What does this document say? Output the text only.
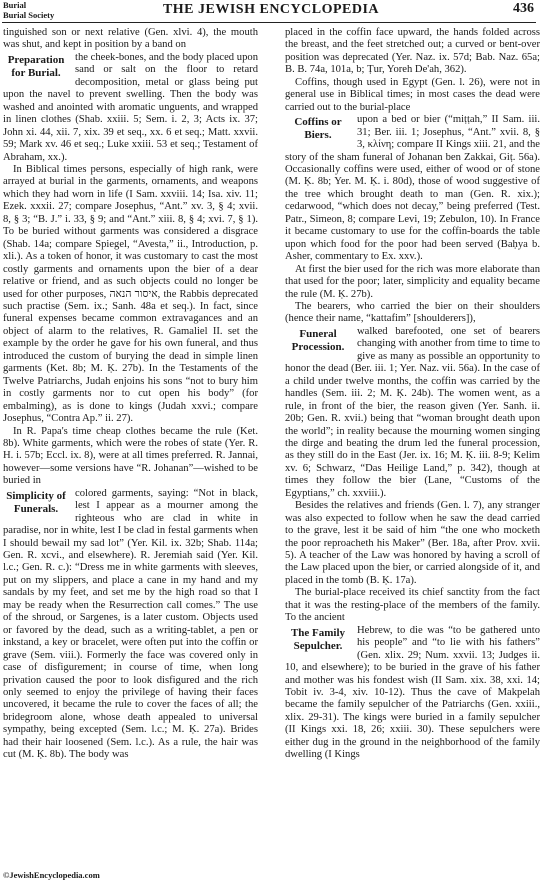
Burial
Burial Society	THE JEWISH ENCYCLOPEDIA	436

tinguished son or next relative (Gen. xlvi. 4), the mouth was shut, and kept in position by a band on

Preparation for Burial.

the cheek-bones, and the body placed upon sand or salt on the floor to retard decomposition, metal or glass being put upon the navel to prevent swelling. Then the body was washed and anointed with aromatic unguents, and wrapped in linen clothes (Shab. xxiii. 5; Sem. i. 2, 3; Acts ix. 37; John xi. 44, xii. 7, xix. 39 et seq., xx. 6 et seq.; Matt. xxvii. 59; Mark xv. 46 et seq.; Luke xxiii. 53 et seq.; Testament of Abraham, xx.).

In Biblical times persons, especially of high rank, were arrayed at burial in the garments, ornaments, and weapons which they had worn in life (I Sam. xxviii. 14; Isa. xiv. 11; Ezek. xxxii. 27; compare Josephus, “Ant.” xv. 3, § 4; xvii. 8, § 3; “B. J.” i. 33, § 9; and “Ant.” xiii. 8, § 4; xvi. 7, § 1). To be buried without garments was considered a disgrace (Shab. 14a; compare Spiegel, “Avesta,” ii., Introduction, p. xli.). As a token of honor, it was customary to cast the most costly garments and ornaments upon the bier of a dear relative or friend, and as such objects could no longer be used for other purposes, איסור הנאה, the Rabbis deprecated such practise (Sem. ix.; Sanh. 48a et seq.). In fact, since funeral expenses became common extravagances and an object of alarm to the relatives, R. Gamaliel II. set the example by the order he gave for his own funeral, and thus introduced the custom of burying the dead in simple linen garments (Ket. 8b; M. Ḳ. 27b). In the Testaments of the Twelve Patriarchs, Judah enjoins his sons “not to bury him in costly garments nor to cut open his body” (for embalming), as is done to kings (Judah xxvi.; compare Josephus, “Contra Ap.” ii. 27).

In R. Papa's time cheap clothes became the rule (Ket. 8b). White garments, which were the robes of state (Yer. R. H. i. 57b; Eccl. ix. 8), were at all times preferred. R. Jannai, however—some versions have “R. Johanan”—wished to be buried in

Simplicity of Funerals.

colored garments, saying: “Not in black, lest I appear as a mourner among the righteous who are clad in white in paradise, nor in white, lest I be clad in festal garments when I should bewail my sad lot” (Yer. Kil. ix. 32b; Shab. 114a; Gen. R. xcvi., and elsewhere). R. Jeremiah said (Yer. Kil. l.c.; Gen. R. c.): “Dress me in white garments with sleeves, put on my slippers, and place a cane in my hand and my sandals by my feet, and set me by the high road so that I may be ready when the Resurrection call comes.” The use of the shroud, or Sargenes, is a later custom. Objects used or favored by the dead, such as a writing-tablet, a pen or inkstand, a key or bracelet, were often put into the coffin or grave (Sem. viii.). Formerly the face was covered only in case of disfigurement; in course of time, when long privation caused the poor to look disfigured and the rich only seemed to enjoy the privilege of having their faces uncovered, it became the rule to cover the faces of all; the bridegroom alone, whose death appealed to universal sympathy, being excepted (Sem. l.c.; M. Ḳ. 27a). Brides had their hair loosened (Sem. l.c.). As a rule, the hair was cut (M. Ḳ. 8b). The body was

placed in the coffin face upward, the hands folded across the breast, and the feet stretched out; a curved or bent-over position was deprecated (Yer. Naz. ix. 57d; Bab. Naz. 65a; B. B. 74a, 101a, b; Ṭur, Yoreh De'ah, 362).

Coffins, though used in Egypt (Gen. l. 26), were not in general use in Biblical times; in most cases the dead were carried out to the burial-place

Coffins or Biers.

upon a bed or bier (“miṭṭah,” II Sam. iii. 31; Ber. iii. 1; Josephus, “Ant.” xvii. 8, § 3, κλίνη; compare II Kings xiii. 21, and the story of the sham funeral of Johanan ben Zakkai, Giṭ. 56a). Occasionally coffins were used, either of wood or of stone (M. Ḳ. 8b; Yer. M. Ḳ. i. 80d), those of wood suggestive of the tree which brought death to man (Gen. R. xix.); cedarwood, “which does not decay,” being preferred (Test. Patr., Simeon, 8; compare Levi, 19; Zebulon, 10). In France it became customary to use for the coffin-boards the table upon which food for the poor had been served (Baḥya b. Asher, commentary to Ex. xxv.).

At first the bier used for the rich was more elaborate than that used for the poor; later, simplicity and equality became the rule (M. Ḳ. 27b).

The bearers, who carried the bier on their shoulders (hence their name, “kattafim” [shoulderers]),

Funeral Procession.

walked barefooted, one set of bearers changing with another from time to time to give as many as possible an opportunity to honor the dead (Ber. iii. 1; Yer. Naz. vii. 56a). In the case of a child under twelve months, the coffin was carried by the handles (Sem. iii. 2; M. Ḳ. 24b). The women went, as a rule, in front of the bier, the reason given (Yer. Sanh. ii. 20b; Gen. R. xvii.) being that “woman brought death upon the world”; in reality because the mourning women singing the dirge and beating the drum led the funeral procession, as they still do in the East (Jer. ix. 16; M. Ḳ. iii. 8-9; Kelim xv. 6; Schwarz, “Das Heilige Land,” p. 342), though at times they follow the bier (Lane, “Customs of the Egyptians,” ch. xxviii.).

Besides the relatives and friends (Gen. l. 7), any stranger was also expected to follow when he saw the dead carried to the grave, lest it be said of him “the one who mocketh the poor reproacheth his Maker” (Ber. 18a, after Prov. xvii. 5). A teacher of the Law was honored by having a scroll of the Law placed upon the bier, or carried alongside of it, and placed in the tomb (B. Ḳ. 17a).

The burial-place received its chief sanctity from the fact that it was the resting-place of the members of the family. To the ancient

The Family Sepulcher.

Hebrew, to die was “to be gathered unto his people” and “to lie with his fathers” (Gen. xlix. 29; Num. xxvii. 13; Judges ii. 10, and elsewhere); to be buried in the grave of his father and mother was his fondest wish (II Sam. xix. 38, xxi. 14; Tobit iv. 3-4, xiv. 10-12). Thus the cave of Makpelah became the family sepulcher of the Patriarchs (Gen. xxiii., xlix. 29-31). The kings were buried in a family sepulcher (II Kings xxi. 18, 26; xxiii. 30). These sepulchers were either dug in the ground in the neighborhood of the family dwelling (I Kings

©JewishEncyclopedia.com
